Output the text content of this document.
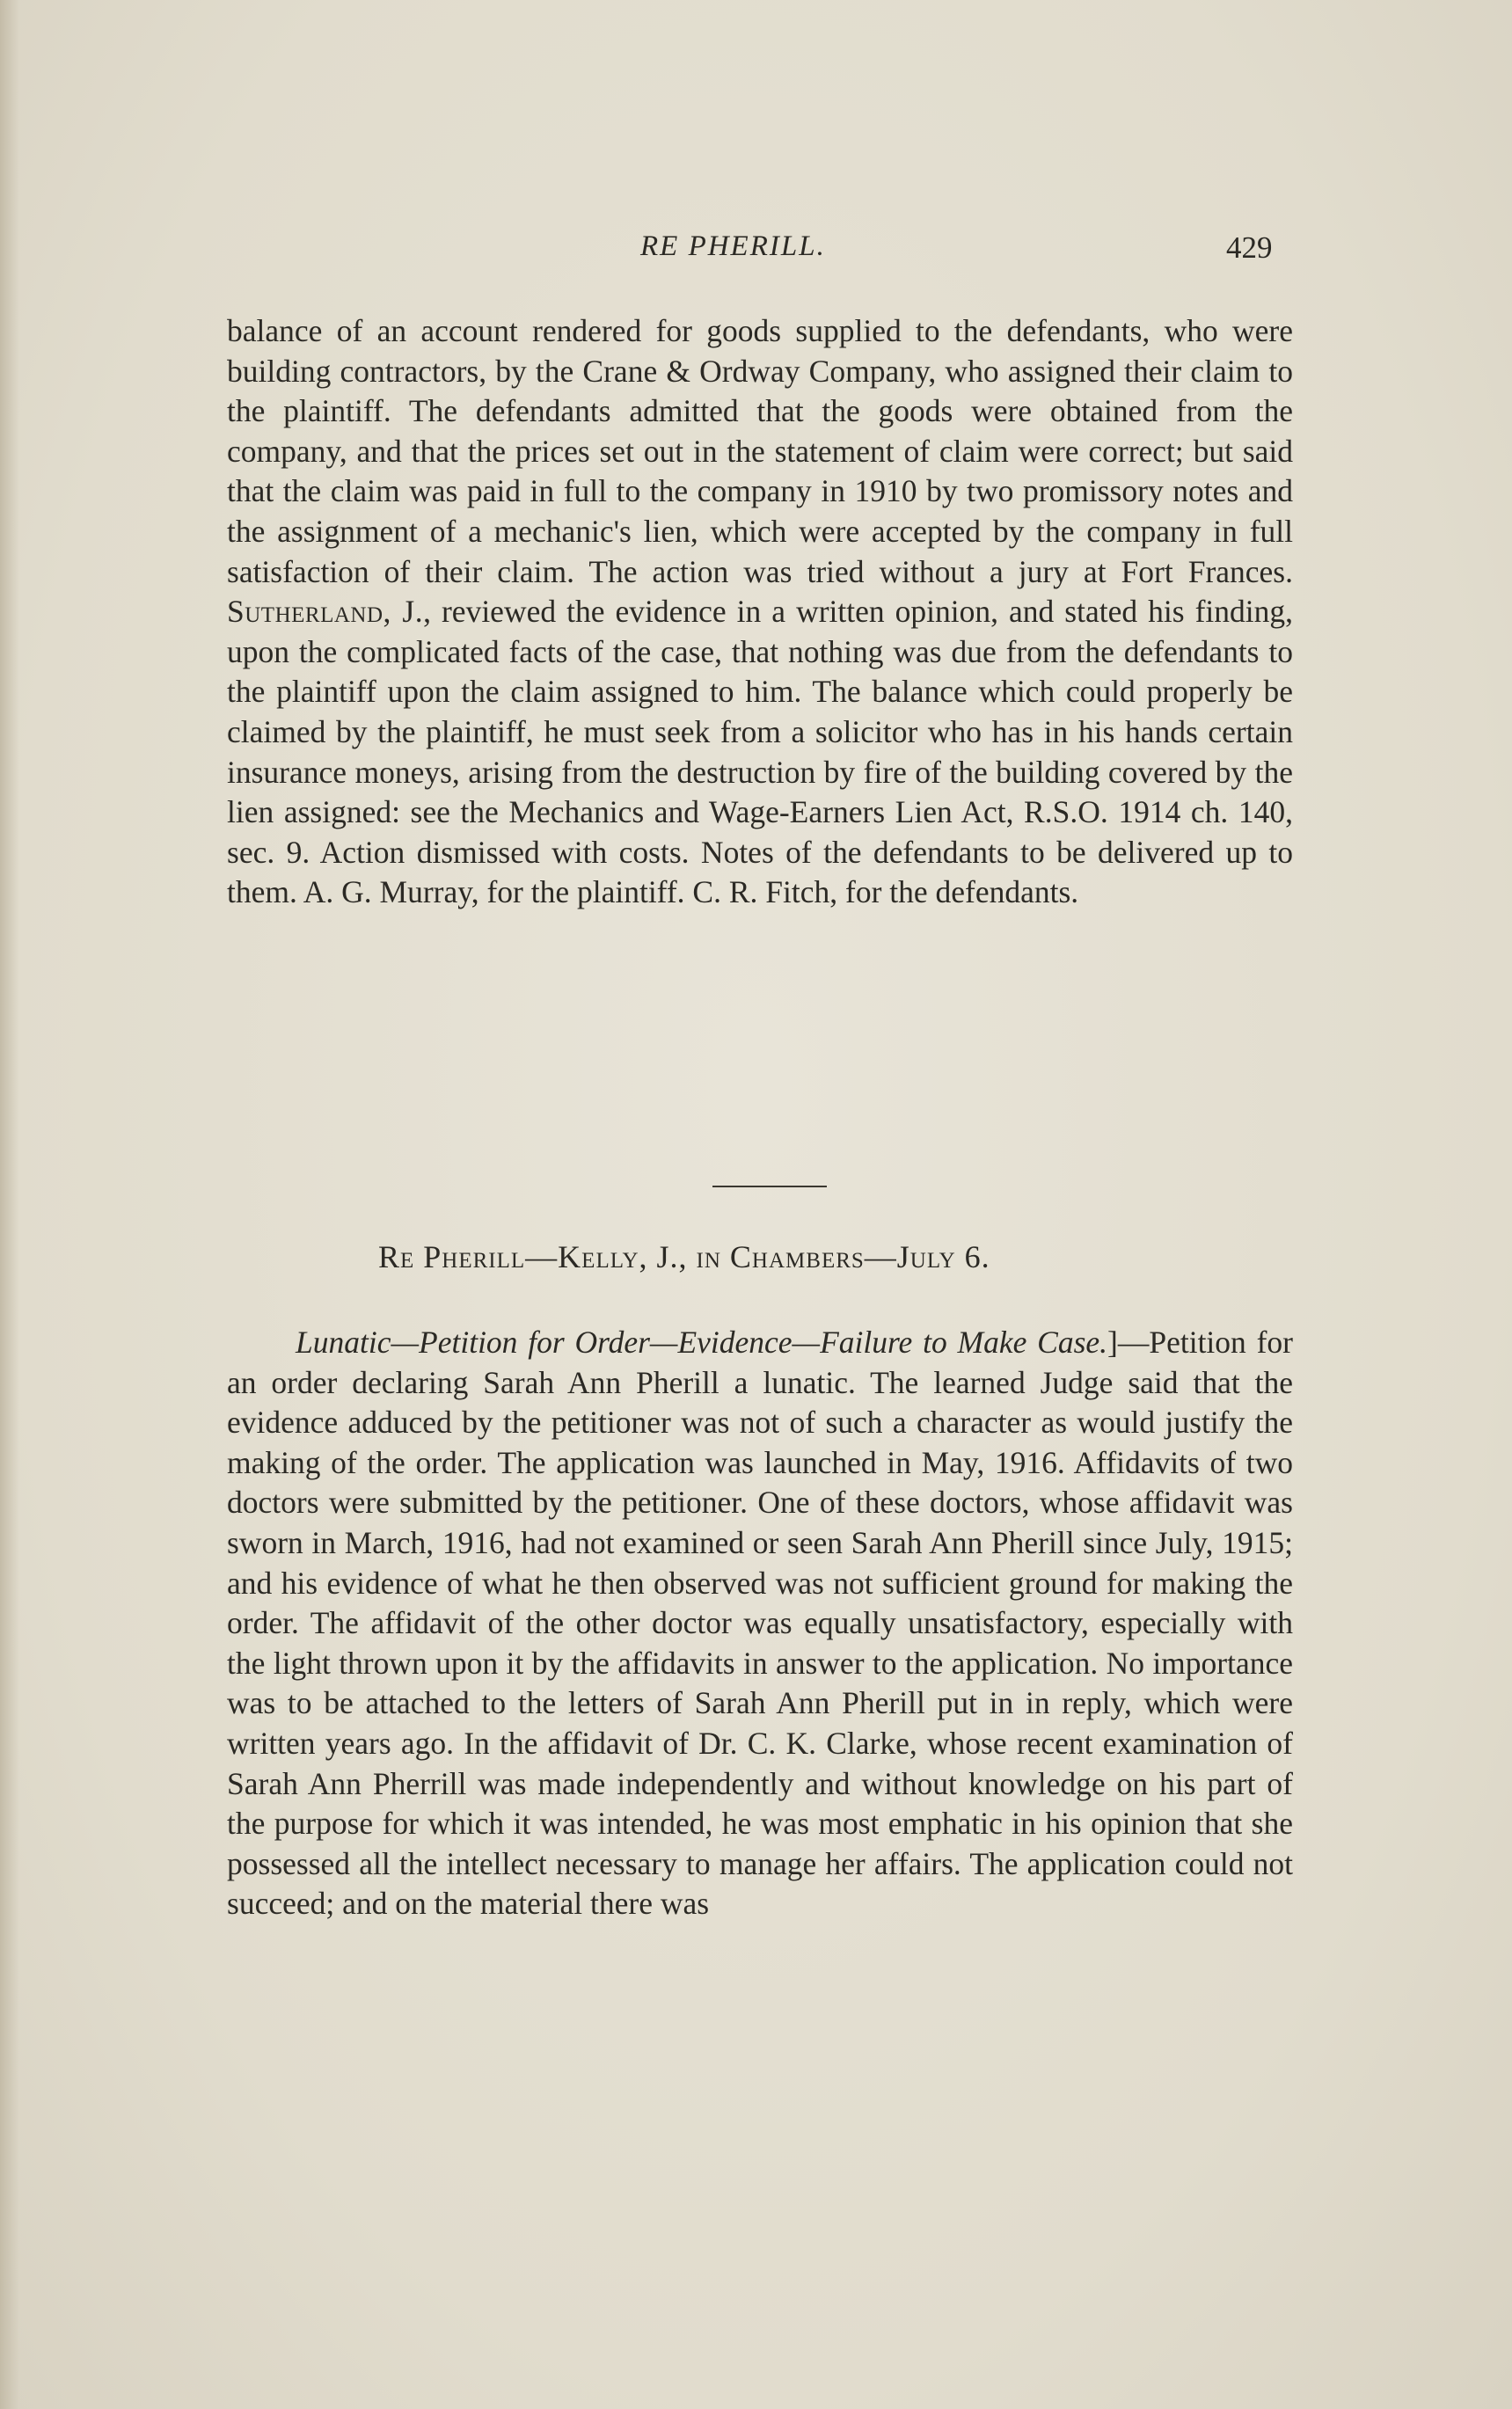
RE PHERILL.	429

balance of an account rendered for goods supplied to the defendants, who were building contractors, by the Crane & Ordway Company, who assigned their claim to the plaintiff. The defendants admitted that the goods were obtained from the company, and that the prices set out in the statement of claim were correct; but said that the claim was paid in full to the company in 1910 by two promissory notes and the assignment of a mechanic's lien, which were accepted by the company in full satisfaction of their claim. The action was tried without a jury at Fort Frances. Sutherland, J., reviewed the evidence in a written opinion, and stated his finding, upon the complicated facts of the case, that nothing was due from the defendants to the plaintiff upon the claim assigned to him. The balance which could properly be claimed by the plaintiff, he must seek from a solicitor who has in his hands certain insurance moneys, arising from the destruction by fire of the building covered by the lien assigned: see the Mechanics and Wage-Earners Lien Act, R.S.O. 1914 ch. 140, sec. 9. Action dismissed with costs. Notes of the defendants to be delivered up to them. A. G. Murray, for the plaintiff. C. R. Fitch, for the defendants.

Re Pherill—Kelly, J., in Chambers—July 6.

Lunatic—Petition for Order—Evidence—Failure to Make Case.]—Petition for an order declaring Sarah Ann Pherill a lunatic. The learned Judge said that the evidence adduced by the petitioner was not of such a character as would justify the making of the order. The application was launched in May, 1916. Affidavits of two doctors were submitted by the petitioner. One of these doctors, whose affidavit was sworn in March, 1916, had not examined or seen Sarah Ann Pherill since July, 1915; and his evidence of what he then observed was not sufficient ground for making the order. The affidavit of the other doctor was equally unsatisfactory, especially with the light thrown upon it by the affidavits in answer to the application. No importance was to be attached to the letters of Sarah Ann Pherill put in in reply, which were written years ago. In the affidavit of Dr. C. K. Clarke, whose recent examination of Sarah Ann Pherrill was made independently and without knowledge on his part of the purpose for which it was intended, he was most emphatic in his opinion that she possessed all the intellect necessary to manage her affairs. The application could not succeed; and on the material there was
